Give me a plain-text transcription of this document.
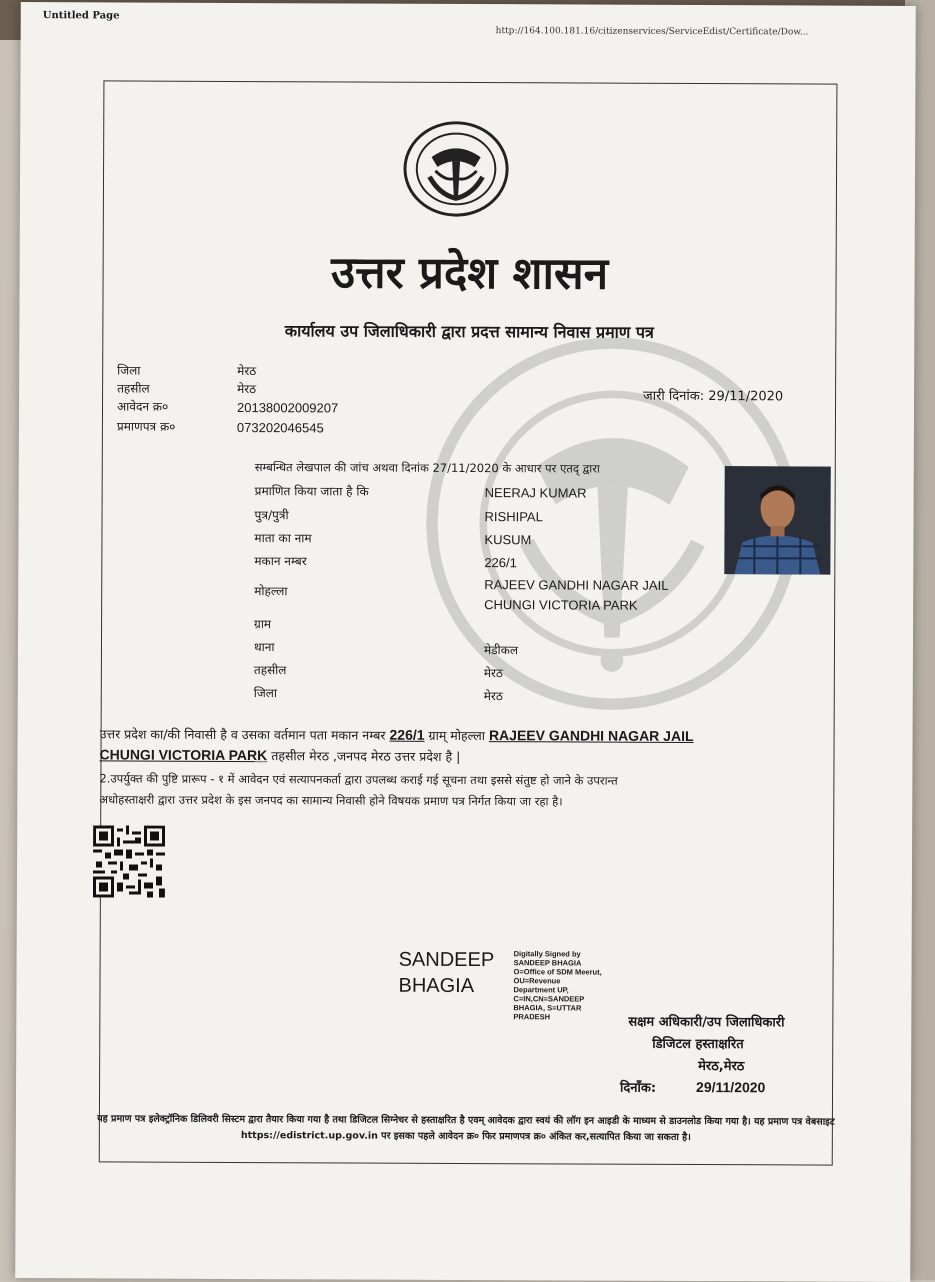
Untitled Page
http://164.100.181.16/citizenservices/ServiceEdist/Certificate/Dow...
उत्तर प्रदेश शासन
कार्यालय उप जिलाधिकारी द्वारा प्रदत्त सामान्य निवास प्रमाण पत्र
जिला	मेरठ
तहसील	मेरठ
आवेदन क्र०	20138002009207
प्रमाणपत्र क्र०	073202046545
जारी दिनांक: 29/11/2020
सम्बन्धित लेखपाल की जांच अथवा दिनांक 27/11/2020 के आधार पर एतद् द्वारा
प्रमाणित किया जाता है कि	NEERAJ KUMAR
पुत्र/पुत्री	RISHIPAL
माता का नाम	KUSUM
मकान नम्बर	226/1
मोहल्ला	RAJEEV GANDHI NAGAR JAIL
CHUNGI VICTORIA PARK
ग्राम
थाना	मेडीकल
तहसील	मेरठ
जिला	मेरठ
उत्तर प्रदेश का/की निवासी है व उसका वर्तमान पता मकान नम्बर 226/1 ग्राम् मोहल्ला RAJEEV GANDHI NAGAR JAIL
CHUNGI VICTORIA PARK तहसील मेरठ ,जनपद मेरठ उत्तर प्रदेश है |
2.उपर्युक्त की पुष्टि प्रारूप - १ में आवेदन एवं सत्यापनकर्ता द्वारा उपलब्ध कराई गई सूचना तथा इससे संतुष्ट हो जाने के उपरान्त
अधोहस्ताक्षरी द्वारा उत्तर प्रदेश के इस जनपद का सामान्य निवासी होने विषयक प्रमाण पत्र निर्गत किया जा रहा है।
SANDEEP
BHAGIA
Digitally Signed by
SANDEEP BHAGIA
O=Office of SDM Meerut,
OU=Revenue
Department UP,
C=IN,CN=SANDEEP
BHAGIA, S=UTTAR
PRADESH	सक्षम अधिकारी/उप जिलाधिकारी
डिजिटल हस्ताक्षरित
मेरठ,मेरठ
दिनाँक:	29/11/2020
यह प्रमाण पत्र इलेक्ट्रॉनिक डिलिवरी सिस्टम द्वारा तैयार किया गया है तथा डिजिटल सिग्नेचर से हस्ताक्षरित है एवम् आवेदक द्वारा स्वयं की लॉग इन आइडी के माध्यम से डाउनलोड किया गया है। यह प्रमाण पत्र वेबसाइट https://edistrict.up.gov.in पर इसका पहले आवेदन क्र० फिर प्रमाणपत्र क्र० अंकित कर,सत्यापित किया जा सकता है।
